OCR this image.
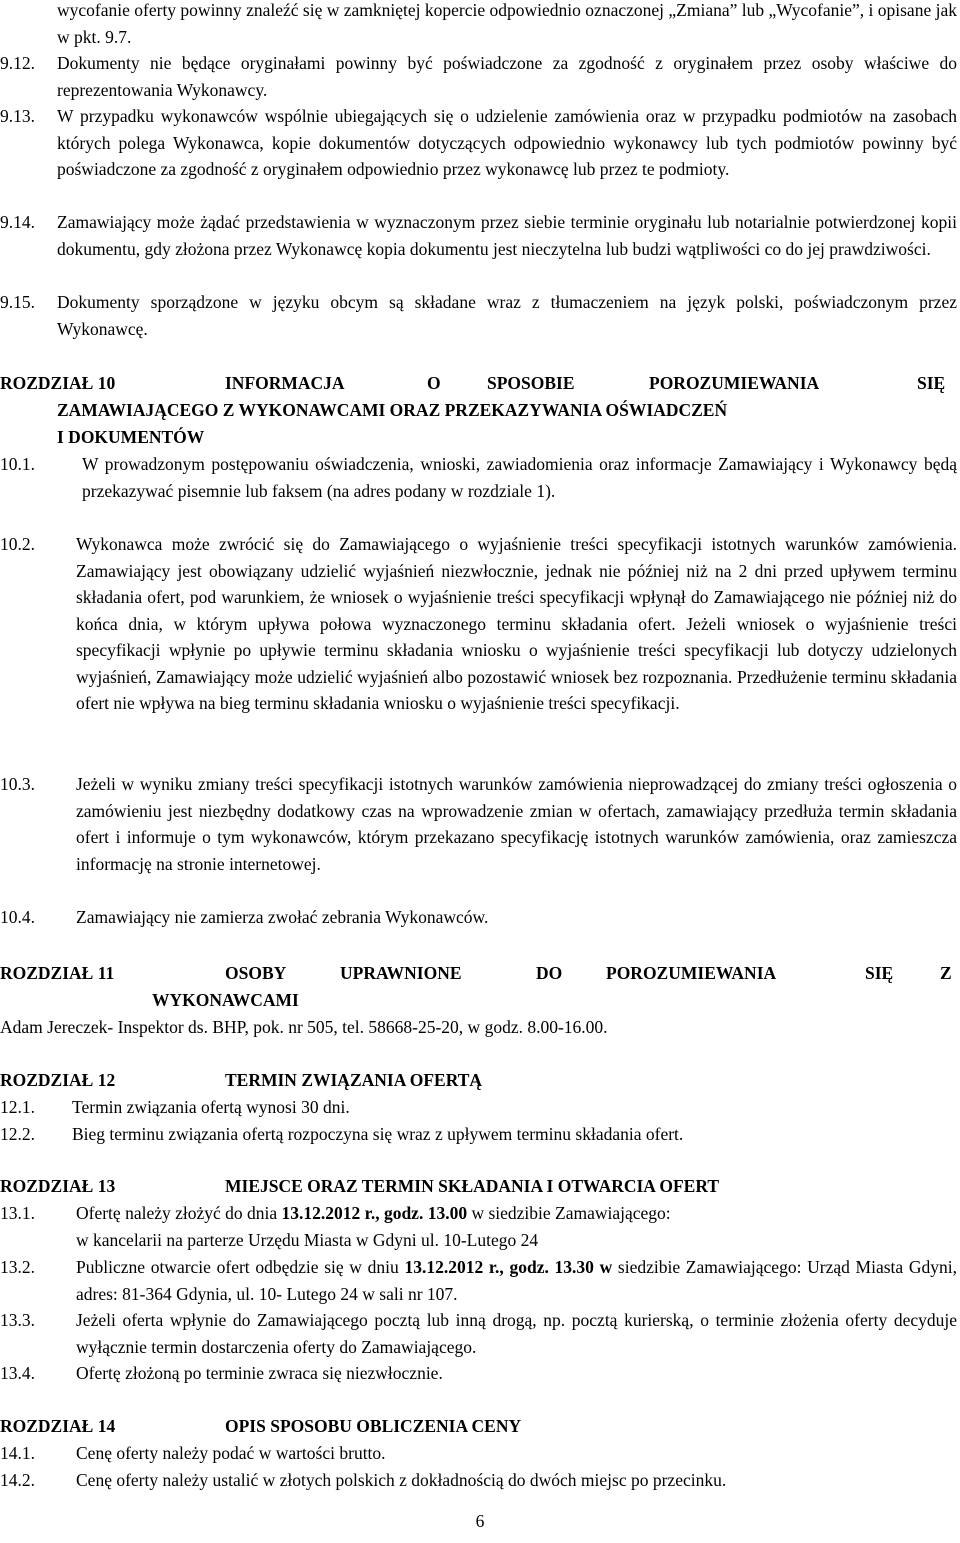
wycofanie oferty powinny znaleźć się w zamkniętej kopercie odpowiednio oznaczonej „Zmiana” lub „Wycofanie”, i opisane jak w pkt. 9.7.
9.12. Dokumenty nie będące oryginałami powinny być poświadczone za zgodność z oryginałem przez osoby właściwe do reprezentowania Wykonawcy.
9.13. W przypadku wykonawców wspólnie ubiegających się o udzielenie zamówienia oraz w przypadku podmiotów na zasobach których polega Wykonawca, kopie dokumentów dotyczących odpowiednio wykonawcy lub tych podmiotów powinny być poświadczone za zgodność z oryginałem odpowiednio przez wykonawcę lub przez te podmioty.
9.14. Zamawiający może żądać przedstawienia w wyznaczonym przez siebie terminie oryginału lub notarialnie potwierdzonej kopii dokumentu, gdy złożona przez Wykonawcę kopia dokumentu jest nieczytelna lub budzi wątpliwości co do jej prawdziwości.
9.15. Dokumenty sporządzone w języku obcym są składane wraz z tłumaczeniem na język polski, poświadczonym przez Wykonawcę.
ROZDZIAŁ 10	INFORMACJA	O	SPOSOBIE	POROZUMIEWANIA	SIĘ
ZAMAWIAJĄCEGO Z WYKONAWCAMI ORAZ PRZEKAZYWANIA OŚWIADCZEŃ
I DOKUMENTÓW
10.1.	W prowadzonym postępowaniu oświadczenia, wnioski, zawiadomienia oraz informacje Zamawiający i Wykonawcy będą przekazywać pisemnie lub faksem (na adres podany w rozdziale 1).
10.2. Wykonawca może zwrócić się do Zamawiającego o wyjaśnienie treści specyfikacji istotnych warunków zamówienia. Zamawiający jest obowiązany udzielić wyjaśnień niezwłocznie, jednak nie później niż na 2 dni przed upływem terminu składania ofert, pod warunkiem, że wniosek o wyjaśnienie treści specyfikacji wpłynął do Zamawiającego nie później niż do końca dnia, w którym upływa połowa wyznaczonego terminu składania ofert. Jeżeli wniosek o wyjaśnienie treści specyfikacji wpłynie po upływie terminu składania wniosku o wyjaśnienie treści specyfikacji lub dotyczy udzielonych wyjaśnień, Zamawiający może udzielić wyjaśnień albo pozostawić wniosek bez rozpoznania. Przedłużenie terminu składania ofert nie wpływa na bieg terminu składania wniosku o wyjaśnienie treści specyfikacji.
10.3. Jeżeli w wyniku zmiany treści specyfikacji istotnych warunków zamówienia nieprowadzącej do zmiany treści ogłoszenia o zamówieniu jest niezbędny dodatkowy czas na wprowadzenie zmian w ofertach, zamawiający przedłuża termin składania ofert i informuje o tym wykonawców, którym przekazano specyfikację istotnych warunków zamówienia, oraz zamieszcza informację na stronie internetowej.
10.4. Zamawiający nie zamierza zwołać zebrania Wykonawców.
ROZDZIAŁ 11	OSOBY	UPRAWNIONE	DO	POROZUMIEWANIA	SIĘ	Z
WYKONAWCAMI
Adam Jereczek- Inspektor ds. BHP, pok. nr 505, tel. 58668-25-20, w godz. 8.00-16.00.
ROZDZIAŁ 12	TERMIN ZWIĄZANIA OFERTĄ
12.1. Termin związania ofertą wynosi 30 dni.
12.2. Bieg terminu związania ofertą rozpoczyna się wraz z upływem terminu składania ofert.
ROZDZIAŁ 13	MIEJSCE ORAZ TERMIN SKŁADANIA I OTWARCIA OFERT
13.1. Ofertę należy złożyć do dnia 13.12.2012 r., godz. 13.00 w siedzibie Zamawiającego:
w kancelarii na parterze Urzędu Miasta w Gdyni ul. 10-Lutego 24
13.2. Publiczne otwarcie ofert odbędzie się w dniu 13.12.2012 r., godz. 13.30 w siedzibie Zamawiającego: Urząd Miasta Gdyni, adres: 81-364 Gdynia, ul. 10- Lutego 24 w sali nr 107.
13.3. Jeżeli oferta wpłynie do Zamawiającego pocztą lub inną drogą, np. pocztą kurierską, o terminie złożenia oferty decyduje wyłącznie termin dostarczenia oferty do Zamawiającego.
13.4. Ofertę złożoną po terminie zwraca się niezwłocznie.
ROZDZIAŁ 14	OPIS SPOSOBU OBLICZENIA CENY
14.1. Cenę oferty należy podać w wartości brutto.
14.2. Cenę oferty należy ustalić w złotych polskich z dokładnością do dwóch miejsc po przecinku.
6
